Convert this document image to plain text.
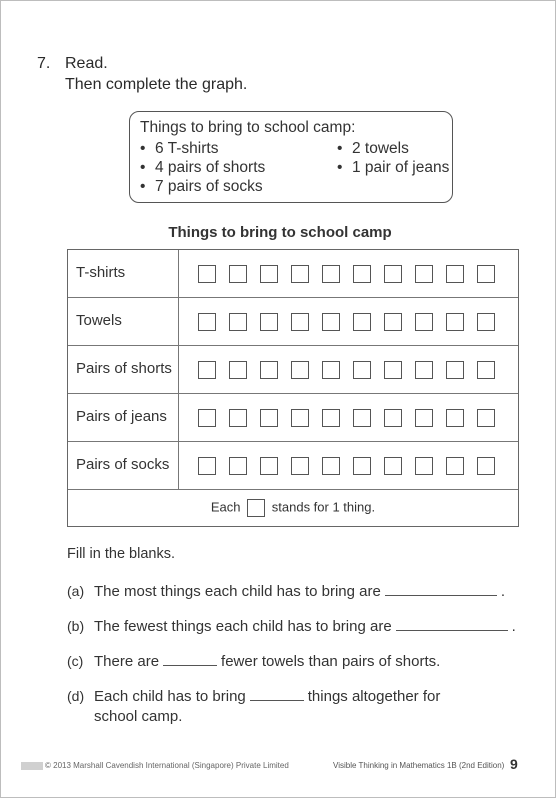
7. Read.
Then complete the graph.
Things to bring to school camp:
• 6 T-shirts
• 4 pairs of shorts
• 7 pairs of socks
• 2 towels
• 1 pair of jeans
Things to bring to school camp
T-shirts
Towels
Pairs of shorts
Pairs of jeans
Pairs of socks
Each stands for 1 thing.
Fill in the blanks.
(a) The most things each child has to bring are	.
(b) The fewest things each child has to bring are	.
(c) There are	fewer towels than pairs of shorts.
(d) Each child has to bring	things altogether for
school camp.
© 2013 Marshall Cavendish International (Singapore) Private Limited	Visible Thinking in Mathematics 1B (2nd Edition) 9
